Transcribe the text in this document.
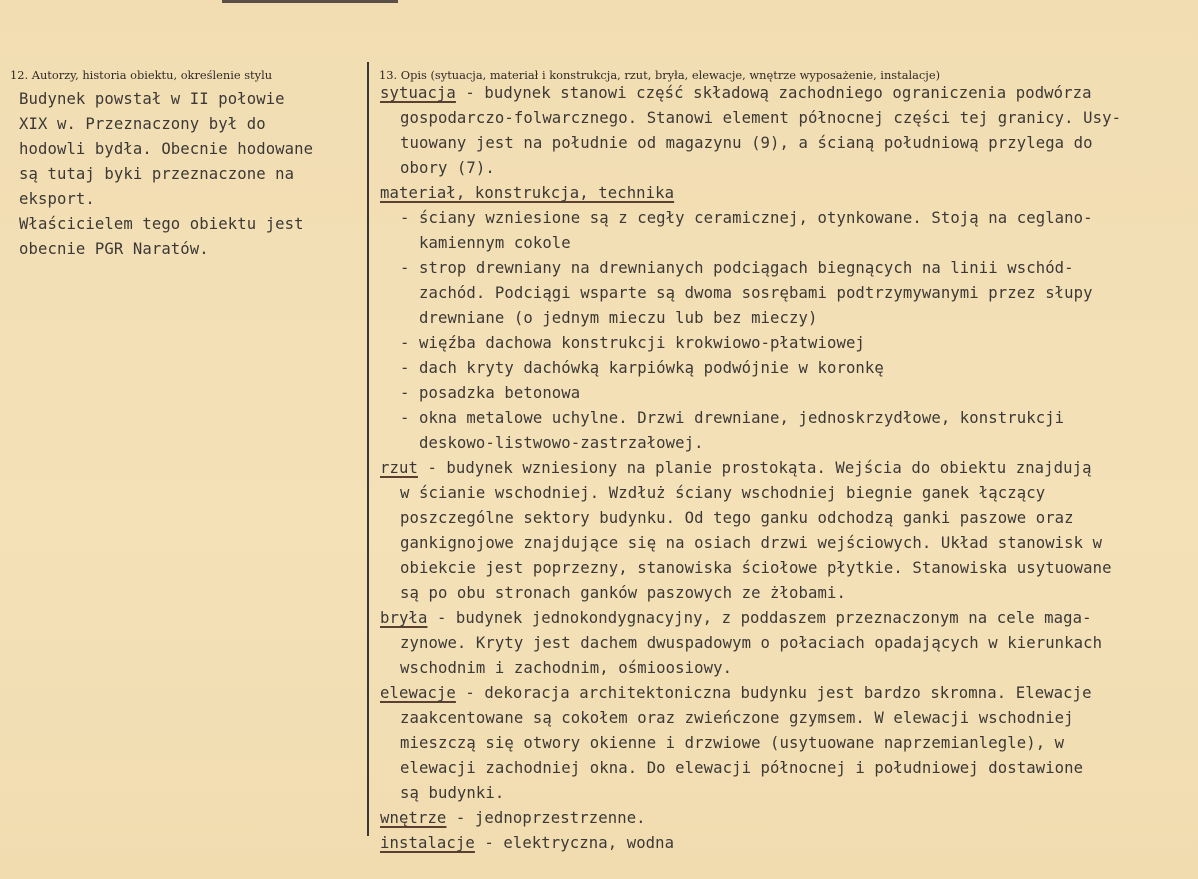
12. Autorzy, historia obiektu, określenie stylu	13. Opis (sytuacja, materiał i konstrukcja, rzut, bryła, elewacje, wnętrze wyposażenie, instalacje)
Budynek powstał w II połowie
XIX w. Przeznaczony był do
hodowli bydła. Obecnie hodowane
są tutaj byki przeznaczone na
eksport.
Właścicielem tego obiektu jest
obecnie PGR Naratów.
sytuacja - budynek stanowi część składową zachodniego ograniczenia podwórza
gospodarczo-folwarcznego. Stanowi element północnej części tej granicy. Usy-
tuowany jest na południe od magazynu (9), a ścianą południową przylega do
obory (7).
materiał, konstrukcja, technika
- ściany wzniesione są z cegły ceramicznej, otynkowane. Stoją na ceglano-
kamiennym cokole
- strop drewniany na drewnianych podciągach biegnących na linii wschód-
zachód. Podciągi wsparte są dwoma sosrębami podtrzymywanymi przez słupy
drewniane (o jednym mieczu lub bez mieczy)
- więźba dachowa konstrukcji krokwiowo-płatwiowej
- dach kryty dachówką karpiówką podwójnie w koronkę
- posadzka betonowa
- okna metalowe uchylne. Drzwi drewniane, jednoskrzydłowe, konstrukcji
deskowo-listwowo-zastrzałowej.
rzut - budynek wzniesiony na planie prostokąta. Wejścia do obiektu znajdują
w ścianie wschodniej. Wzdłuż ściany wschodniej biegnie ganek łączący
poszczególne sektory budynku. Od tego ganku odchodzą ganki paszowe oraz
gankignojowe znajdujące się na osiach drzwi wejściowych. Układ stanowisk w
obiekcie jest poprzezny, stanowiska ściołowe płytkie. Stanowiska usytuowane
są po obu stronach ganków paszowych ze żłobami.
bryła - budynek jednokondygnacyjny, z poddaszem przeznaczonym na cele maga-
zynowe. Kryty jest dachem dwuspadowym o połaciach opadających w kierunkach
wschodnim i zachodnim, ośmioosiowy.
elewacje - dekoracja architektoniczna budynku jest bardzo skromna. Elewacje
zaakcentowane są cokołem oraz zwieńczone gzymsem. W elewacji wschodniej
mieszczą się otwory okienne i drzwiowe (usytuowane naprzemianlegle), w
elewacji zachodniej okna. Do elewacji północnej i południowej dostawione
są budynki.
wnętrze - jednoprzestrzenne.
instalacje - elektryczna, wodna
